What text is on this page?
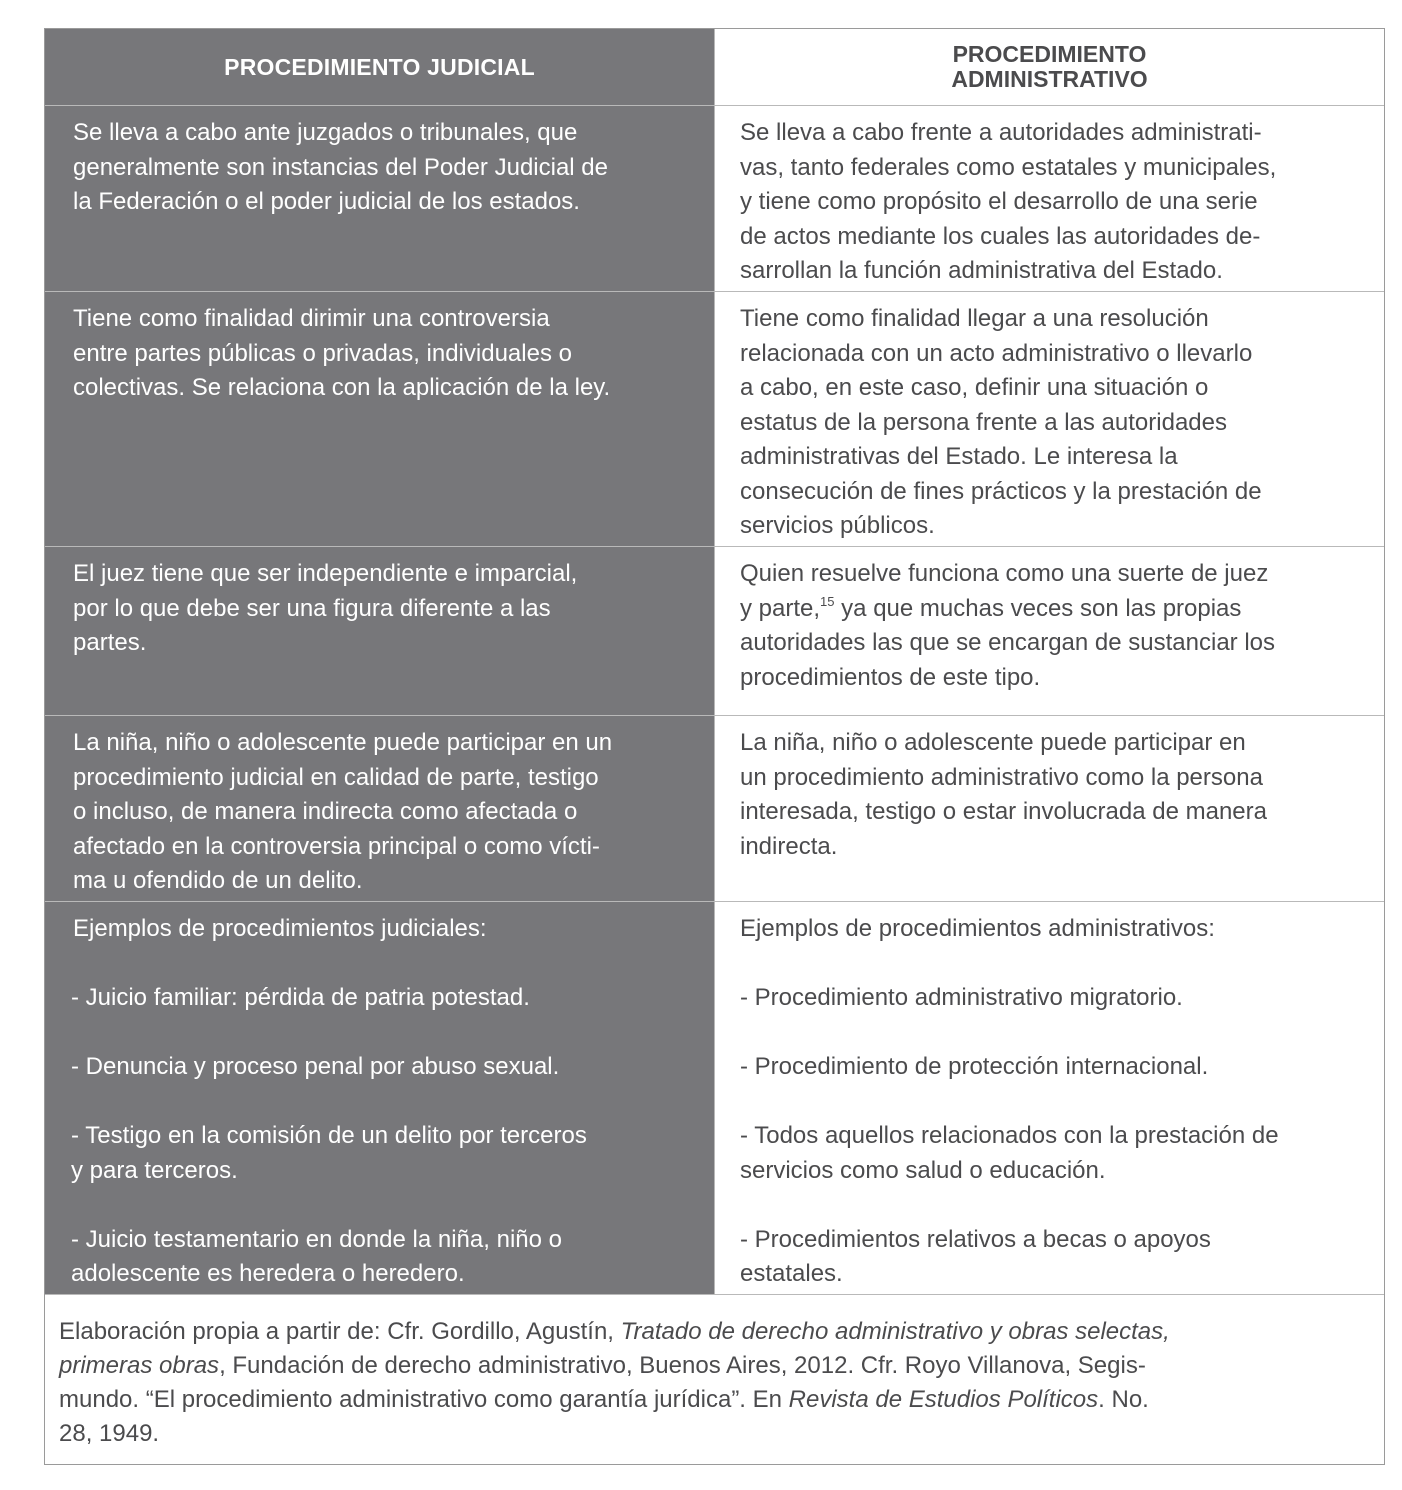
PROCEDIMIENTO JUDICIAL	PROCEDIMIENTO
ADMINISTRATIVO
Se lleva a cabo ante juzgados o tribunales, que
generalmente son instancias del Poder Judicial de
la Federación o el poder judicial de los estados.
Se lleva a cabo frente a autoridades administrati-
vas, tanto federales como estatales y municipales,
y tiene como propósito el desarrollo de una serie
de actos mediante los cuales las autoridades de-
sarrollan la función administrativa del Estado.
Tiene como finalidad dirimir una controversia
entre partes públicas o privadas, individuales o
colectivas. Se relaciona con la aplicación de la ley.
Tiene como finalidad llegar a una resolución
relacionada con un acto administrativo o llevarlo
a cabo, en este caso, definir una situación o
estatus de la persona frente a las autoridades
administrativas del Estado. Le interesa la
consecución de fines prácticos y la prestación de
servicios públicos.
El juez tiene que ser independiente e imparcial,
por lo que debe ser una figura diferente a las
partes.
Quien resuelve funciona como una suerte de juez
y parte,$^{15}$ ya que muchas veces son las propias
autoridades las que se encargan de sustanciar los
procedimientos de este tipo.
La niña, niño o adolescente puede participar en un
procedimiento judicial en calidad de parte, testigo
o incluso, de manera indirecta como afectada o
afectado en la controversia principal o como vícti-
ma u ofendido de un delito.
La niña, niño o adolescente puede participar en
un procedimiento administrativo como la persona
interesada, testigo o estar involucrada de manera
indirecta.
Ejemplos de procedimientos judiciales:
- Juicio familiar: pérdida de patria potestad.
- Denuncia y proceso penal por abuso sexual.
- Testigo en la comisión de un delito por terceros
y para terceros.
- Juicio testamentario en donde la niña, niño o
adolescente es heredera o heredero.
Ejemplos de procedimientos administrativos:
- Procedimiento administrativo migratorio.
- Procedimiento de protección internacional.
- Todos aquellos relacionados con la prestación de
servicios como salud o educación.
- Procedimientos relativos a becas o apoyos
estatales.
Elaboración propia a partir de: Cfr. Gordillo, Agustín, Tratado de derecho administrativo y obras selectas,
primeras obras, Fundación de derecho administrativo, Buenos Aires, 2012. Cfr. Royo Villanova, Segis-
mundo. “El procedimiento administrativo como garantía jurídica”. En Revista de Estudios Políticos. No.
28, 1949.
